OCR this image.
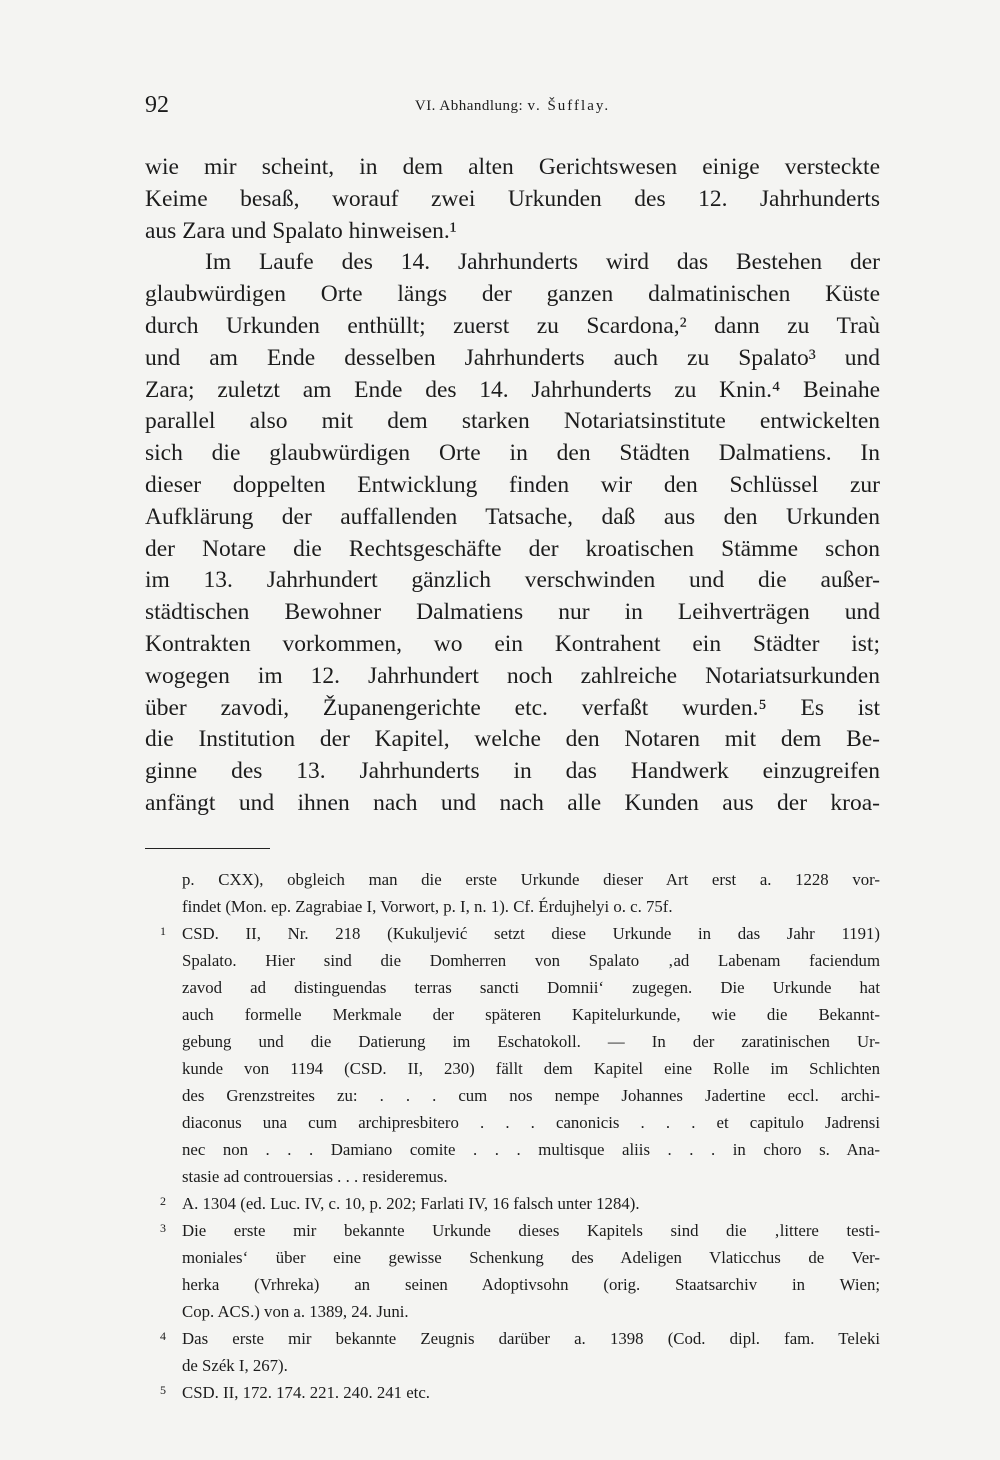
92	VI. Abhandlung: v. Šufflay.
wie mir scheint, in dem alten Gerichtswesen einige versteckte
Keime besaß, worauf zwei Urkunden des 12. Jahrhunderts
aus Zara und Spalato hinweisen.¹
Im Laufe des 14. Jahrhunderts wird das Bestehen der
glaubwürdigen Orte längs der ganzen dalmatinischen Küste
durch Urkunden enthüllt; zuerst zu Scardona,² dann zu Traù
und am Ende desselben Jahrhunderts auch zu Spalato³ und
Zara; zuletzt am Ende des 14. Jahrhunderts zu Knin.⁴ Beinahe
parallel also mit dem starken Notariatsinstitute entwickelten
sich die glaubwürdigen Orte in den Städten Dalmatiens. In
dieser doppelten Entwicklung finden wir den Schlüssel zur
Aufklärung der auffallenden Tatsache, daß aus den Urkunden
der Notare die Rechtsgeschäfte der kroatischen Stämme schon
im 13. Jahrhundert gänzlich verschwinden und die außer-
städtischen Bewohner Dalmatiens nur in Leihverträgen und
Kontrakten vorkommen, wo ein Kontrahent ein Städter ist;
wogegen im 12. Jahrhundert noch zahlreiche Notariatsurkunden
über zavodi, Županengerichte etc. verfaßt wurden.⁵ Es ist
die Institution der Kapitel, welche den Notaren mit dem Be-
ginne des 13. Jahrhunderts in das Handwerk einzugreifen
anfängt und ihnen nach und nach alle Kunden aus der kroa-
p. CXX), obgleich man die erste Urkunde dieser Art erst a. 1228 vor-
findet (Mon. ep. Zagrabiae I, Vorwort, p. I, n. 1). Cf. Érdujhelyi o. c. 75f.
1 CSD. II, Nr. 218 (Kukuljević setzt diese Urkunde in das Jahr 1191)
Spalato. Hier sind die Domherren von Spalato ‚ad Labenam faciendum
zavod ad distinguendas terras sancti Domnii‘ zugegen. Die Urkunde hat
auch formelle Merkmale der späteren Kapitelurkunde, wie die Bekannt-
gebung und die Datierung im Eschatokoll. — In der zaratinischen Ur-
kunde von 1194 (CSD. II, 230) fällt dem Kapitel eine Rolle im Schlichten
des Grenzstreites zu: . . . cum nos nempe Johannes Jadertine eccl. archi-
diaconus una cum archipresbitero . . . canonicis . . . et capitulo Jadrensi
nec non . . . Damiano comite . . . multisque aliis . . . in choro s. Ana-
stasie ad controuersias . . . resideremus.
2 A. 1304 (ed. Luc. IV, c. 10, p. 202; Farlati IV, 16 falsch unter 1284).
3 Die erste mir bekannte Urkunde dieses Kapitels sind die ‚littere testi-
moniales‘ über eine gewisse Schenkung des Adeligen Vlaticchus de Ver-
herka (Vrhreka) an seinen Adoptivsohn (orig. Staatsarchiv in Wien;
Cop. ACS.) von a. 1389, 24. Juni.
4 Das erste mir bekannte Zeugnis darüber a. 1398 (Cod. dipl. fam. Teleki
de Szék I, 267).
5 CSD. II, 172. 174. 221. 240. 241 etc.
